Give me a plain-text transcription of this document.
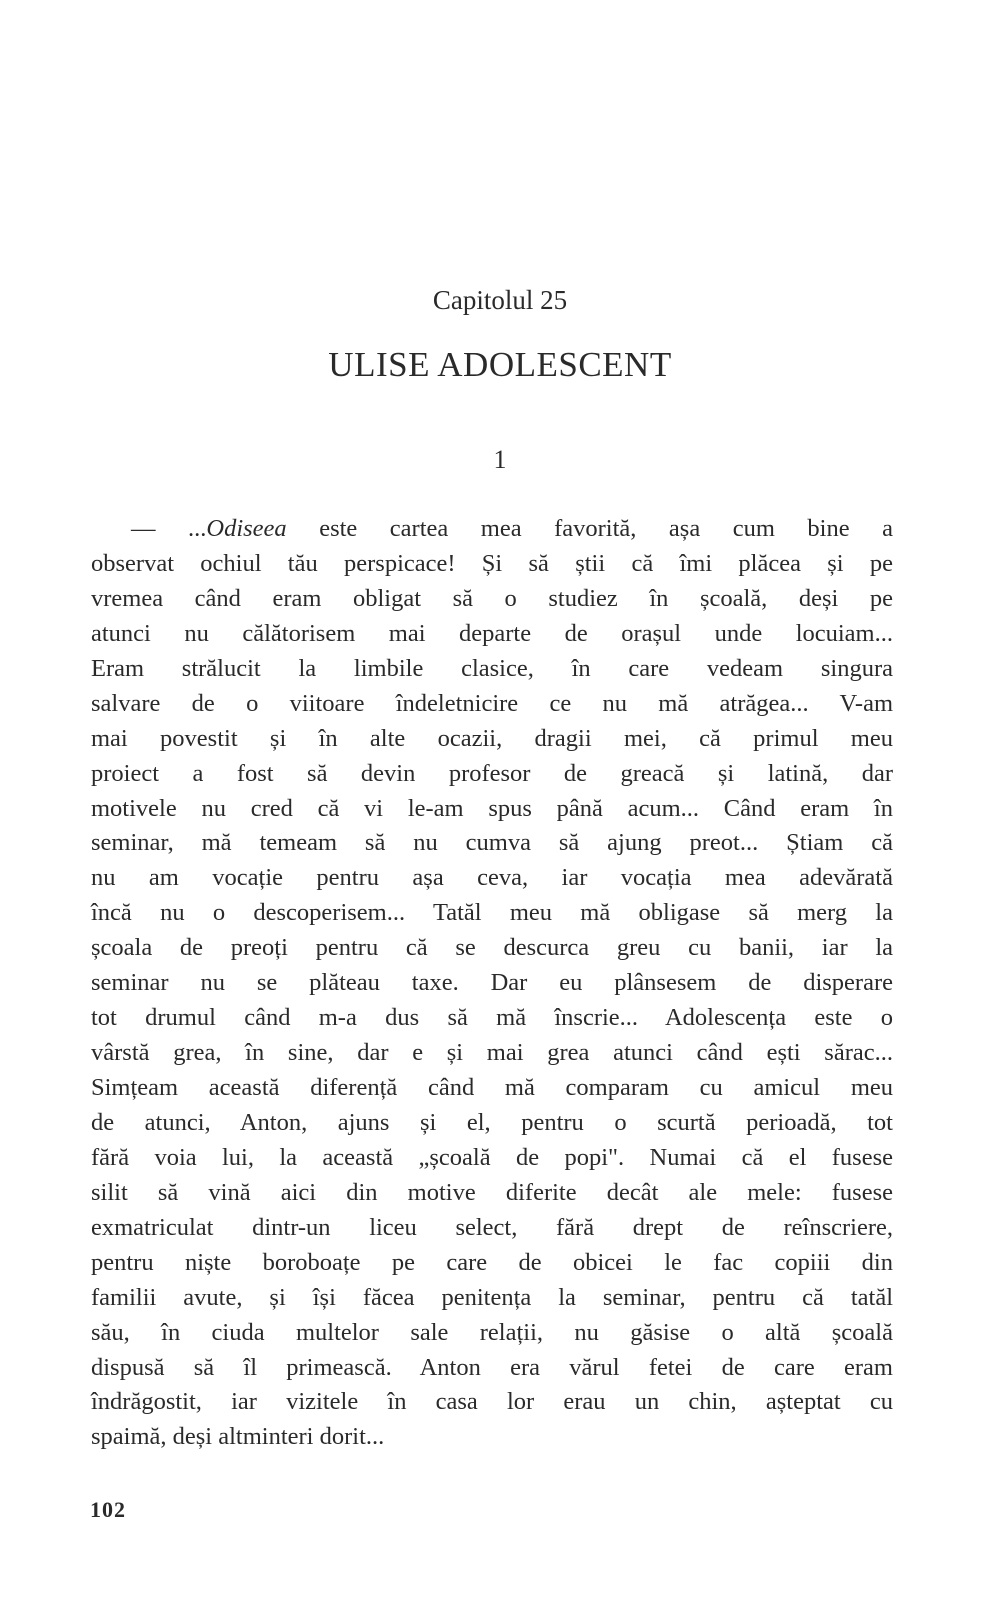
Capitolul 25
ULISE ADOLESCENT
1
— ...Odiseea este cartea mea favorită, așa cum bine a
observat ochiul tău perspicace! Și să știi că îmi plăcea și pe
vremea când eram obligat să o studiez în școală, deși pe
atunci nu călătorisem mai departe de orașul unde locuiam...
Eram strălucit la limbile clasice, în care vedeam singura
salvare de o viitoare îndeletnicire ce nu mă atrăgea... V-am
mai povestit și în alte ocazii, dragii mei, că primul meu
proiect a fost să devin profesor de greacă și latină, dar
motivele nu cred că vi le-am spus până acum... Când eram în
seminar, mă temeam să nu cumva să ajung preot... Știam că
nu am vocație pentru așa ceva, iar vocația mea adevărată
încă nu o descoperisem... Tatăl meu mă obligase să merg la
școala de preoți pentru că se descurca greu cu banii, iar la
seminar nu se plăteau taxe. Dar eu plânsesem de disperare
tot drumul când m-a dus să mă înscrie... Adolescența este o
vârstă grea, în sine, dar e și mai grea atunci când ești sărac...
Simțeam această diferență când mă comparam cu amicul meu
de atunci, Anton, ajuns și el, pentru o scurtă perioadă, tot
fără voia lui, la această „școală de popi". Numai că el fusese
silit să vină aici din motive diferite decât ale mele: fusese
exmatriculat dintr-un liceu select, fără drept de reînscriere,
pentru niște boroboațe pe care de obicei le fac copiii din
familii avute, și își făcea penitența la seminar, pentru că tatăl
său, în ciuda multelor sale relații, nu găsise o altă școală
dispusă să îl primească. Anton era vărul fetei de care eram
îndrăgostit, iar vizitele în casa lor erau un chin, așteptat cu
spaimă, deși altminteri dorit...
102
